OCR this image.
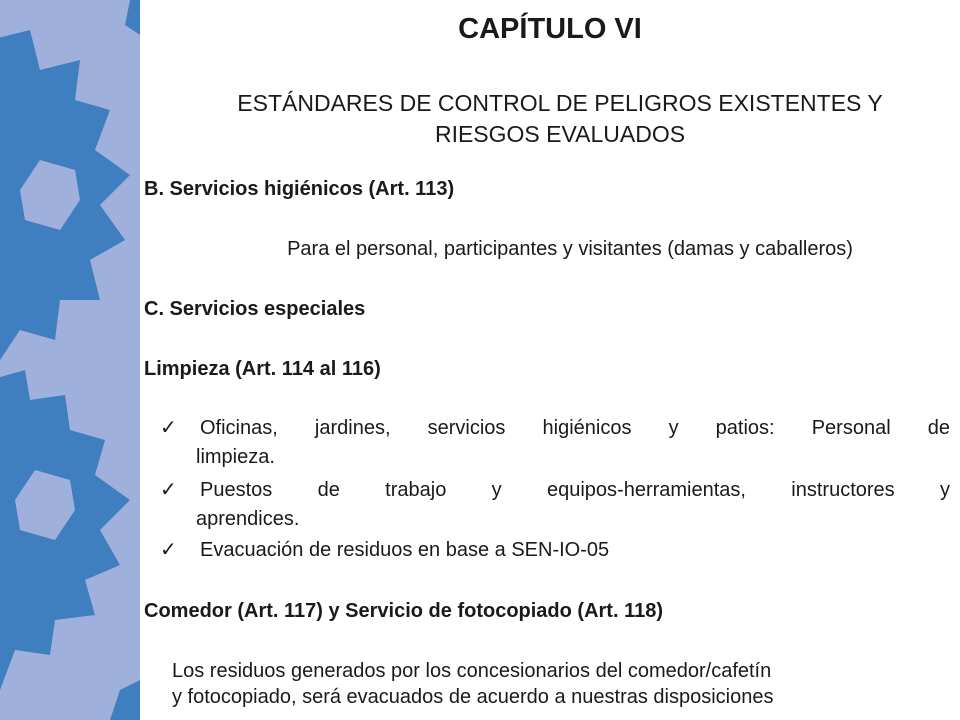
CAPÍTULO VI
ESTÁNDARES DE CONTROL DE PELIGROS EXISTENTES Y
RIESGOS EVALUADOS
B. Servicios higiénicos (Art. 113)
Para el personal, participantes y visitantes (damas y caballeros)
C. Servicios especiales
Limpieza (Art. 114 al 116)
✓ Oficinas, jardines, servicios higiénicos y patios: Personal de
limpieza.
✓ Puestos de trabajo y equipos-herramientas, instructores y
aprendices.
✓ Evacuación de residuos en base a SEN-IO-05
Comedor (Art. 117) y Servicio de fotocopiado (Art. 118)
Los residuos generados por los concesionarios del comedor/cafetín
y fotocopiado, será evacuados de acuerdo a nuestras disposiciones
